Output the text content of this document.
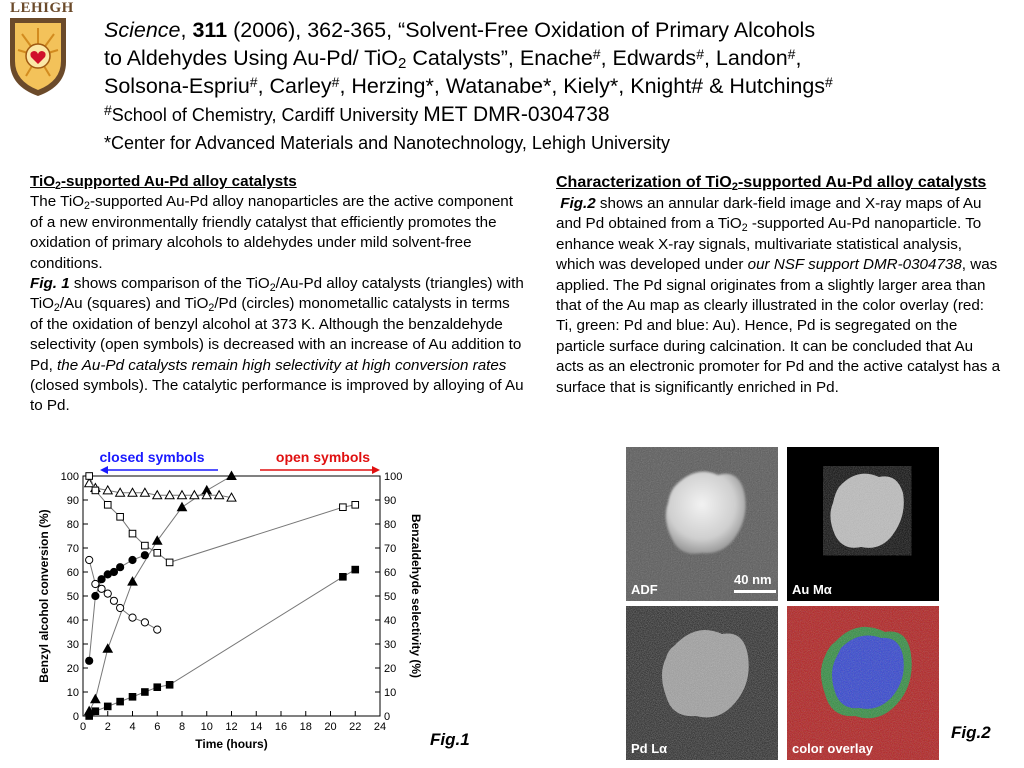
LEHIGH
Science, 311 (2006), 362-365, “Solvent-Free Oxidation of Primary Alcohols
to Aldehydes Using Au-Pd/ TiO$_2$ Catalysts”, Enache#, Edwards#, Landon#,
Solsona-Espriu#, Carley#, Herzing*, Watanabe*, Kiely*, Knight# & Hutchings#
#School of Chemistry, Cardiff University MET DMR-0304738
*Center for Advanced Materials and Nanotechnology, Lehigh University
TiO$_2$-supported Au-Pd alloy catalysts
The TiO$_2$-supported Au-Pd alloy nanoparticles are the active component of a new environmentally friendly catalyst that efficiently promotes the oxidation of primary alcohols to aldehydes under mild solvent-free conditions.
Fig. 1 shows comparison of the TiO$_2$/Au-Pd alloy catalysts (triangles) with TiO$_2$/Au (squares) and TiO$_2$/Pd (circles) monometallic catalysts in terms of the oxidation of benzyl alcohol at 373 K. Although the benzaldehyde selectivity (open symbols) is decreased with an increase of Au addition to Pd, the Au-Pd catalysts remain high selectivity at high conversion rates (closed symbols). The catalytic performance is improved by alloying of Au to Pd.
Characterization of TiO$_2$-supported Au-Pd alloy catalysts
Fig.2 shows an annular dark-field image and X-ray maps of Au and Pd obtained from a TiO$_2$ -supported Au-Pd nanoparticle. To enhance weak X-ray signals, multivariate statistical analysis, which was developed under our NSF support DMR-0304738, was applied. The Pd signal originates from a slightly larger area than that of the Au map as clearly illustrated in the color overlay (red: Ti, green: Pd and blue: Au). Hence, Pd is segregated on the particle surface during calcination. It can be concluded that Au acts as an electronic promoter for Pd and the active catalyst has a surface that is significantly enriched in Pd.
0 2 4 6 8 10 12 14 16 18 20 22 24
0	0
10	10
20	20
30	30
40	40
50	50
60	60
70	70
80	80
90	90
100	100
Time (hours)
Benzyl alcohol conversion (%)	Benzaldehyde selectivity (%)
closed symbols	open symbols
Fig.1
ADF
40 nm
Au Mα
Pd Lα	color overlay
Fig.2
